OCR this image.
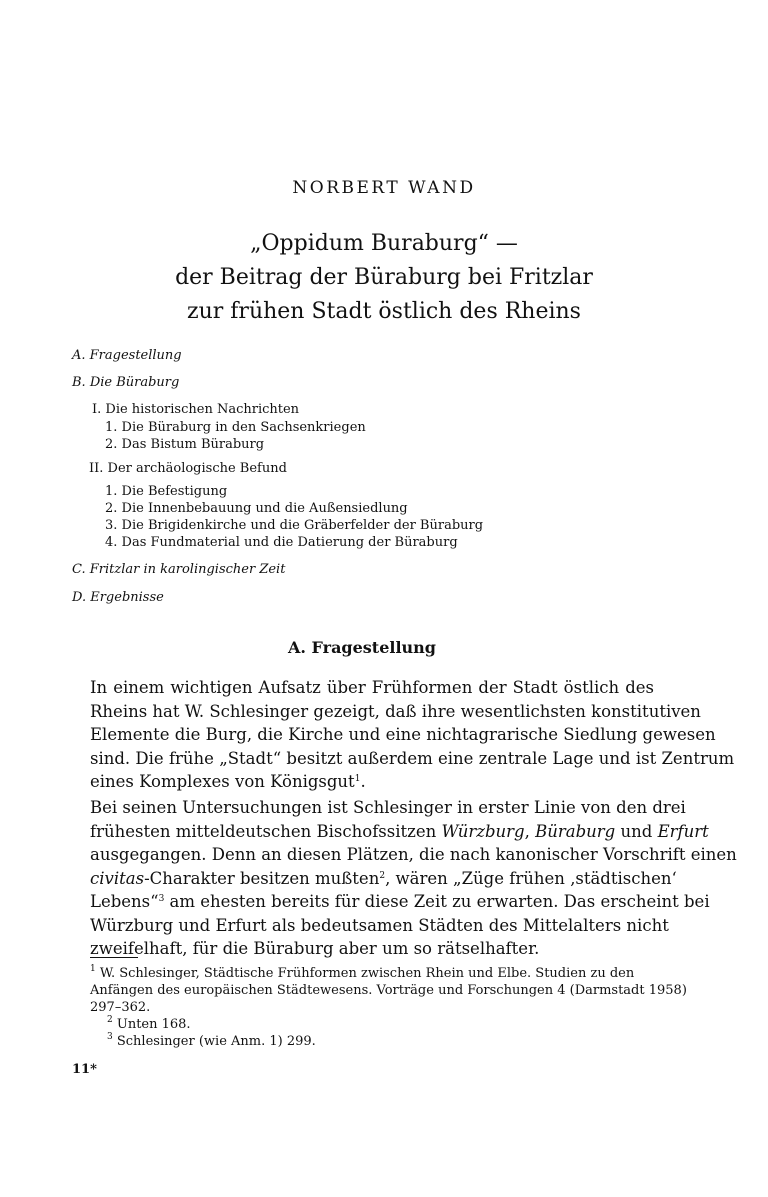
NORBERT WAND
„Oppidum Buraburg“ —
der Beitrag der Büraburg bei Fritzlar
zur frühen Stadt östlich des Rheins
A. Fragestellung
B. Die Büraburg
I. Die historischen Nachrichten
1. Die Büraburg in den Sachsenkriegen
2. Das Bistum Büraburg
II. Der archäologische Befund
1. Die Befestigung
2. Die Innenbebauung und die Außensiedlung
3. Die Brigidenkirche und die Gräberfelder der Büraburg
4. Das Fundmaterial und die Datierung der Büraburg
C. Fritzlar in karolingischer Zeit
D. Ergebnisse
A. Fragestellung
In einem wichtigen Aufsatz über Frühformen der Stadt östlich des
Rheins hat W. Schlesinger gezeigt, daß ihre wesentlichsten konstitutiven
Elemente die Burg, die Kirche und eine nichtagrarische Siedlung gewesen
sind. Die frühe „Stadt“ besitzt außerdem eine zentrale Lage und ist Zentrum
eines Komplexes von Königsgut$^1$.
Bei seinen Untersuchungen ist Schlesinger in erster Linie von den drei
frühesten mitteldeutschen Bischofssitzen Würzburg, Büraburg und Erfurt
ausgegangen. Denn an diesen Plätzen, die nach kanonischer Vorschrift einen
civitas-Charakter besitzen mußten$^2$, wären „Züge frühen ‚städtischen‘
Lebens“$^3$ am ehesten bereits für diese Zeit zu erwarten. Das erscheint bei
Würzburg und Erfurt als bedeutsamen Städten des Mittelalters nicht
zweifelhaft, für die Büraburg aber um so rätselhafter.
$^1$ W. Schlesinger, Städtische Frühformen zwischen Rhein und Elbe. Studien zu den
Anfängen des europäischen Städtewesens. Vorträge und Forschungen 4 (Darmstadt 1958)
297–362.
$^2$ Unten 168.
$^3$ Schlesinger (wie Anm. 1) 299.
11*
